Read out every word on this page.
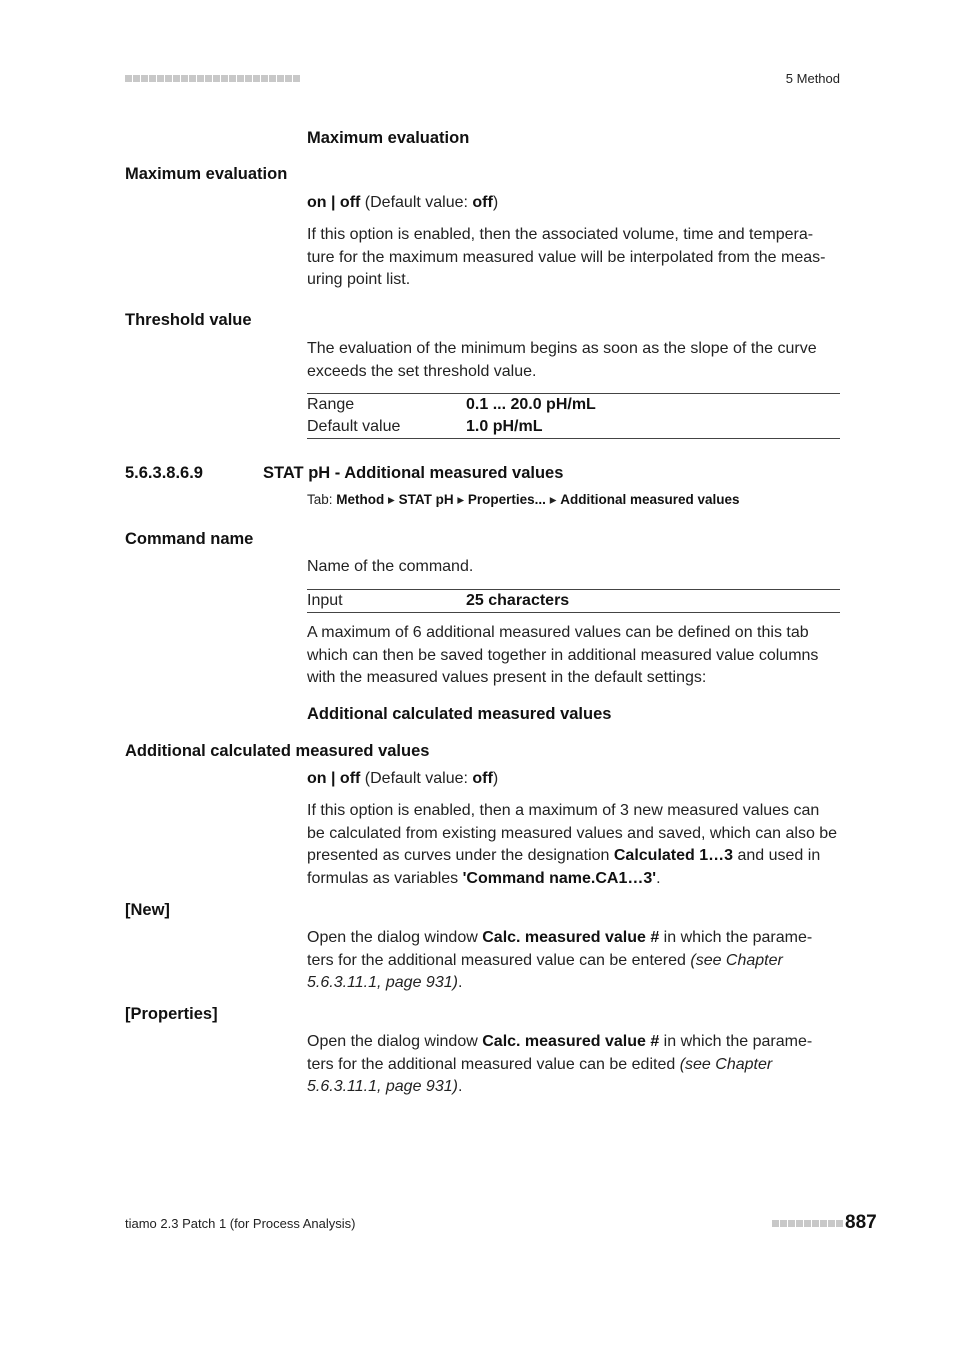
5 Method
Maximum evaluation
Maximum evaluation
on | off (Default value: off)
If this option is enabled, then the associated volume, time and tempera-
ture for the maximum measured value will be interpolated from the meas-
uring point list.
Threshold value
The evaluation of the minimum begins as soon as the slope of the curve
exceeds the set threshold value.
Range	0.1 ... 20.0 pH/mL
Default value	1.0 pH/mL
5.6.3.8.6.9	STAT pH - Additional measured values
Tab: Method ▸ STAT pH ▸ Properties... ▸ Additional measured values
Command name
Name of the command.
Input	25 characters
A maximum of 6 additional measured values can be defined on this tab
which can then be saved together in additional measured value columns
with the measured values present in the default settings:
Additional calculated measured values
Additional calculated measured values
on | off (Default value: off)
If this option is enabled, then a maximum of 3 new measured values can
be calculated from existing measured values and saved, which can also be
presented as curves under the designation Calculated 1…3 and used in
formulas as variables 'Command name.CA1…3'.
[New]
Open the dialog window Calc. measured value # in which the parame-
ters for the additional measured value can be entered (see Chapter
5.6.3.11.1, page 931).
[Properties]
Open the dialog window Calc. measured value # in which the parame-
ters for the additional measured value can be edited (see Chapter
5.6.3.11.1, page 931).
tiamo 2.3 Patch 1 (for Process Analysis)	887
